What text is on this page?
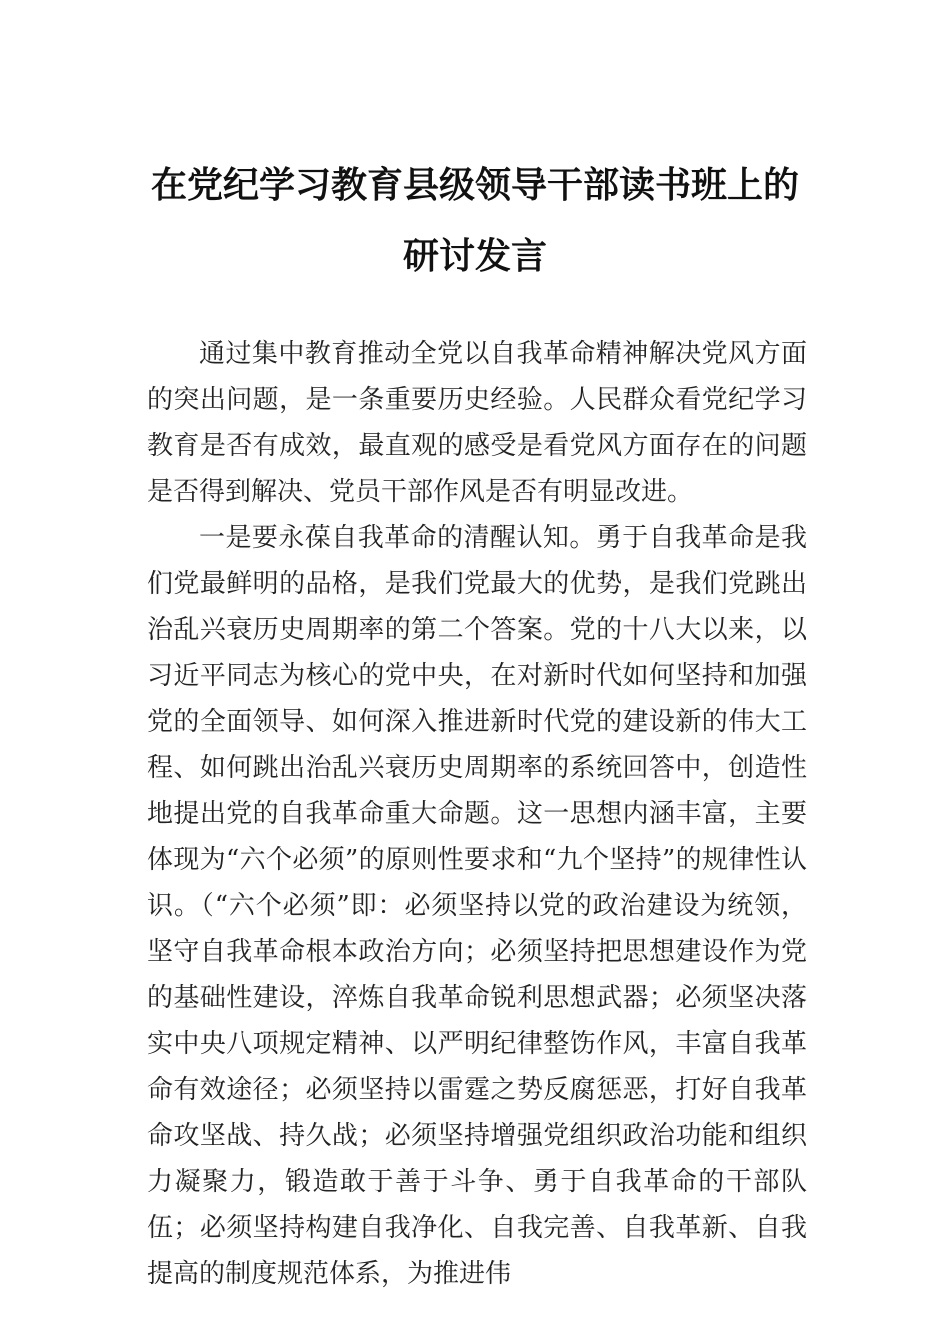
在党纪学习教育县级领导干部读书班上的
研讨发言

通过集中教育推动全党以自我革命精神解决党风方面的突出问题，是一条重要历史经验。人民群众看党纪学习教育是否有成效，最直观的感受是看党风方面存在的问题是否得到解决、党员干部作风是否有明显改进。

一是要永葆自我革命的清醒认知。勇于自我革命是我们党最鲜明的品格，是我们党最大的优势，是我们党跳出治乱兴衰历史周期率的第二个答案。党的十八大以来，以习近平同志为核心的党中央，在对新时代如何坚持和加强党的全面领导、如何深入推进新时代党的建设新的伟大工程、如何跳出治乱兴衰历史周期率的系统回答中，创造性地提出党的自我革命重大命题。这一思想内涵丰富，主要体现为“六个必须”的原则性要求和“九个坚持”的规律性认识。（“六个必须”即：必须坚持以党的政治建设为统领，坚守自我革命根本政治方向；必须坚持把思想建设作为党的基础性建设，淬炼自我革命锐利思想武器；必须坚决落实中央八项规定精神、以严明纪律整饬作风，丰富自我革命有效途径；必须坚持以雷霆之势反腐惩恶，打好自我革命攻坚战、持久战；必须坚持增强党组织政治功能和组织力凝聚力，锻造敢于善于斗争、勇于自我革命的干部队伍；必须坚持构建自我净化、自我完善、自我革新、自我提高的制度规范体系，为推进伟
